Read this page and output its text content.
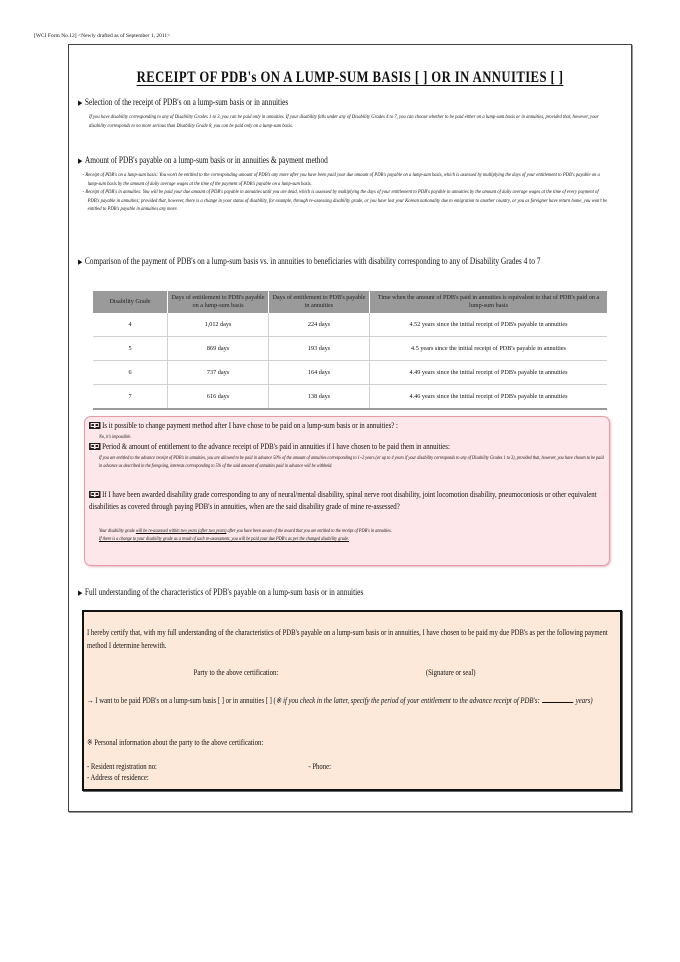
[WCI Form No.12] <Newly drafted as of September 1, 2011>
RECEIPT OF PDB's ON A LUMP-SUM BASIS [ ] OR IN ANNUITIES [ ]
▶ Selection of the receipt of PDB's on a lump-sum basis or in annuities
If you have disability corresponding to any of Disability Grades 1 to 3, you can be paid only in annuities. If your disability falls under any of Disability Grades 4 to 7, you can choose whether to be paid either on a lump-sum basis or in annuities, provided that, however, your disability corresponds to no more serious than Disability Grade 8, you can be paid only on a lump-sum basis.
▶ Amount of PDB's payable on a lump-sum basis or in annuities & payment method

- Receipt of PDB's on a lump-sum basis: You won't be entitled to the corresponding amount of PDB's any more after you have been paid your due amount of PDB's payable on a lump-sum basis, which is assessed by multiplying the days of your entitlement to PDB's payable on a lump-sum basis by the amount of daily average wages at the time of the payment of PDB's payable on a lump-sum basis.

- Receipt of PDB's in annuities: You will be paid your due amount of PDB's payable in annuities until you are dead, which is assessed by multiplying the days of your entitlement to PDB's payable in annuities by the amount of daily average wages at the time of every payment of PDB's payable in annuities; provided that, however, there is a change in your status of disability, for example, through re-assessing disability grade, or you have lost your Korean nationality due to emigration to another country, or you as foreigner have return home, you won't be entitled to PDB's payable in annuities any more.

▶ Comparison of the payment of PDB's on a lump-sum basis vs. in annuities to beneficiaries with disability corresponding to any of Disability Grades 4 to 7
Disability Grade	Days of entitlement to PDB's payable on a lump-sum basis	Days of entitlement to PDB's payable in annuities	Time when the amount of PDB's paid in annuities is equivalent to that of PDB's paid on a lump-sum basis
4	1,012 days	224 days	4.52 years since the initial receipt of PDB's payable in annuities
5	869 days	193 days	4.5 years since the initial receipt of PDB's payable in annuities
6	737 days	164 days	4.49 years since the initial receipt of PDB's payable in annuities
7	616 days	138 days	4.46 years since the initial receipt of PDB's payable in annuities
Is it possible to change payment method after I have chose to be paid on a lump-sum basis or in annuities? :
No, it's impossible.
Period & amount of entitlement to the advance receipt of PDB's paid in annuities if I have chosen to be paid them in annuities:
If you are entitled to the advance receipt of PDB's in annuities, you are allowed to be paid in advance 50% of the amount of annuities corresponding to 1~2 years (or up to 4 years if your disability corresponds to any of Disability Grades 1 to 3), provided that, however, you have chosen to be paid in advance as described in the foregoing, interests corresponding to 5% of the said amount of annuities paid in advance will be withheld.
If I have been awarded disability grade corresponding to any of neural/mental disability, spinal nerve root disability, joint locomotion disability, pneumoconiosis or other equivalent disabilities as covered through paying PDB's in annuities, when are the said disability grade of mine re-assessed?
Your disability grade will be re-assessed within two years (after two years) after you have been aware of the award that you are entitled to the receipt of PDB's in annuities.
If there is a change to your disability grade as a result of such re-assessment, you will be paid your due PDB's as per the changed disability grade.
▶ Full understanding of the characteristics of PDB's payable on a lump-sum basis or in annuities
I hereby certify that, with my full understanding of the characteristics of PDB's payable on a lump-sum basis or in annuities, I have chosen to be paid my due PDB's as per the following payment method I determine herewith.
Party to the above certification:	(Signature or seal)
→ I want to be paid PDB's on a lump-sum basis [ ] or in annuities [ ] (※ if you check in the latter, specify the period of your entitlement to the advance receipt of PDB's:	years)
※ Personal information about the party to the above certification:
- Resident registration no:	- Phone:
- Address of residence:
